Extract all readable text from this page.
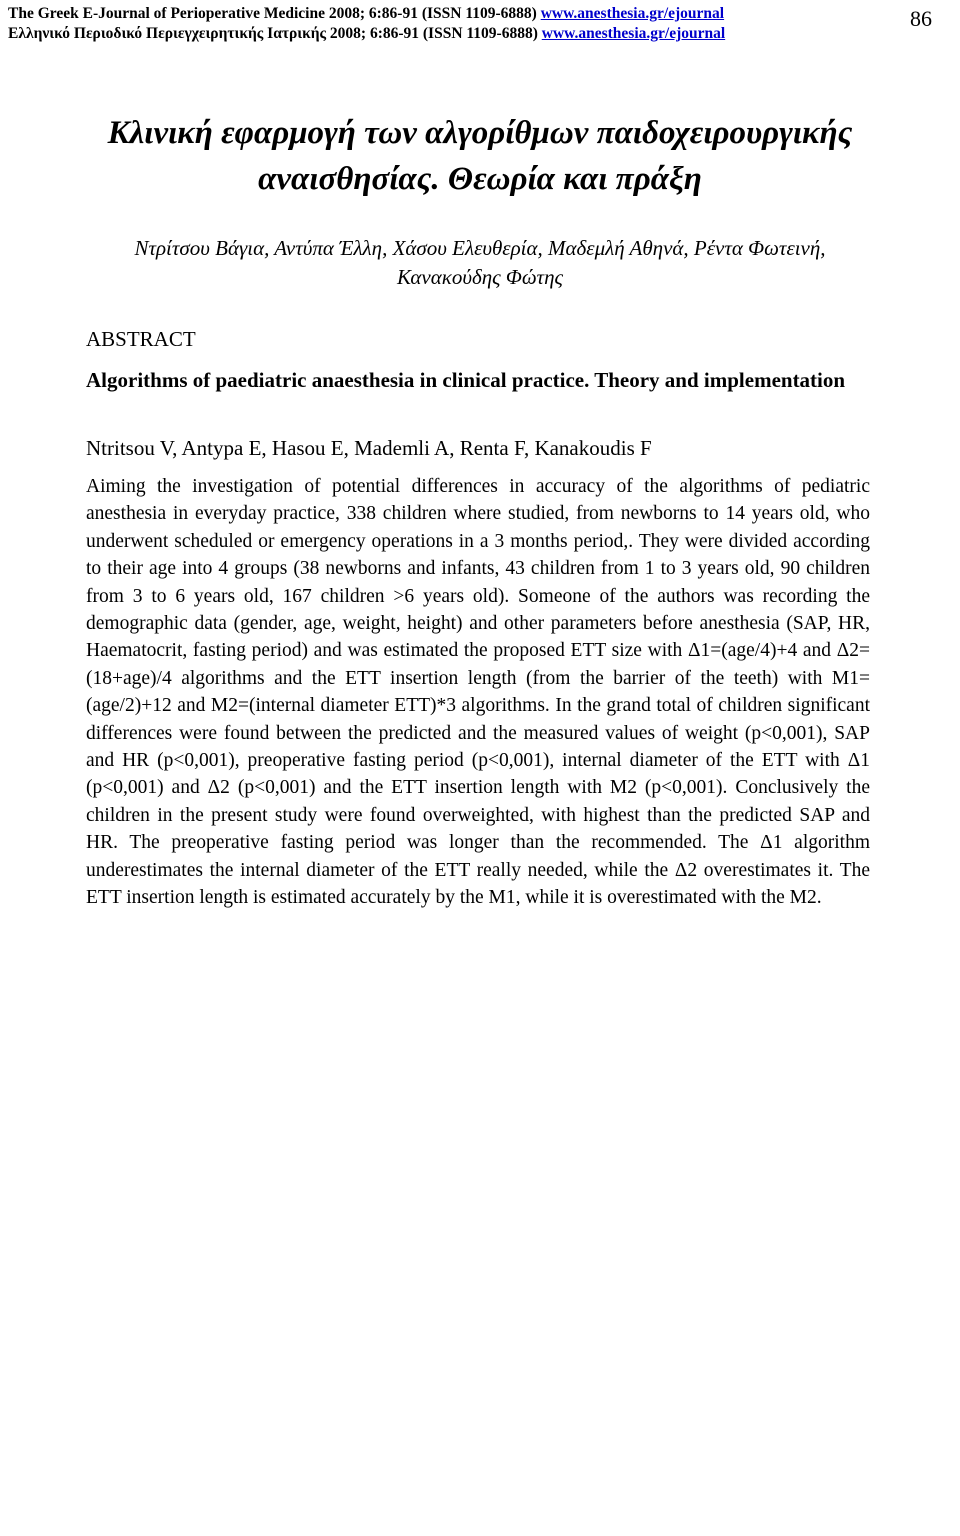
The Greek E-Journal of Perioperative Medicine 2008; 6:86-91 (ISSN 1109-6888) www.anesthesia.gr/ejournal
Ελληνικό Περιοδικό Περιεγχειρητικής Ιατρικής 2008; 6:86-91 (ISSN 1109-6888) www.anesthesia.gr/ejournal
86
Κλινική εφαρμογή των αλγορίθμων παιδοχειρουργικής
αναισθησίας. Θεωρία και πράξη
Ντρίτσου Βάγια, Αντύπα Έλλη, Χάσου Ελευθερία, Μαδεμλή Αθηνά, Ρέντα Φωτεινή,
Κανακούδης Φώτης
ABSTRACT
Algorithms of paediatric anaesthesia in clinical practice. Theory and implementation
Ntritsou V, Antypa E, Hasou E, Mademli A, Renta F, Kanakoudis F
Aiming the investigation of potential differences in accuracy of the algorithms of pediatric anesthesia in everyday practice, 338 children where studied, from newborns to 14 years old, who underwent scheduled or emergency operations in a 3 months period,. They were divided according to their age into 4 groups (38 newborns and infants, 43 children from 1 to 3 years old, 90 children from 3 to 6 years old, 167 children >6 years old). Someone of the authors was recording the demographic data (gender, age, weight, height) and other parameters before anesthesia (SAP, HR, Haematocrit, fasting period) and was estimated the proposed ETT size with Δ1=(age/4)+4 and Δ2=(18+age)/4 algorithms and the ETT insertion length (from the barrier of the teeth) with M1=(age/2)+12 and M2=(internal diameter ETT)*3 algorithms. In the grand total of children significant differences were found between the predicted and the measured values of weight (p<0,001), SAP and HR (p<0,001), preoperative fasting period (p<0,001), internal diameter of the ETT with Δ1 (p<0,001) and Δ2 (p<0,001) and the ETT insertion length with M2 (p<0,001). Conclusively the children in the present study were found overweighted, with highest than the predicted SAP and HR. The preoperative fasting period was longer than the recommended. The Δ1 algorithm underestimates the internal diameter of the ETT really needed, while the Δ2 overestimates it. The ETT insertion length is estimated accurately by the M1, while it is overestimated with the M2.
